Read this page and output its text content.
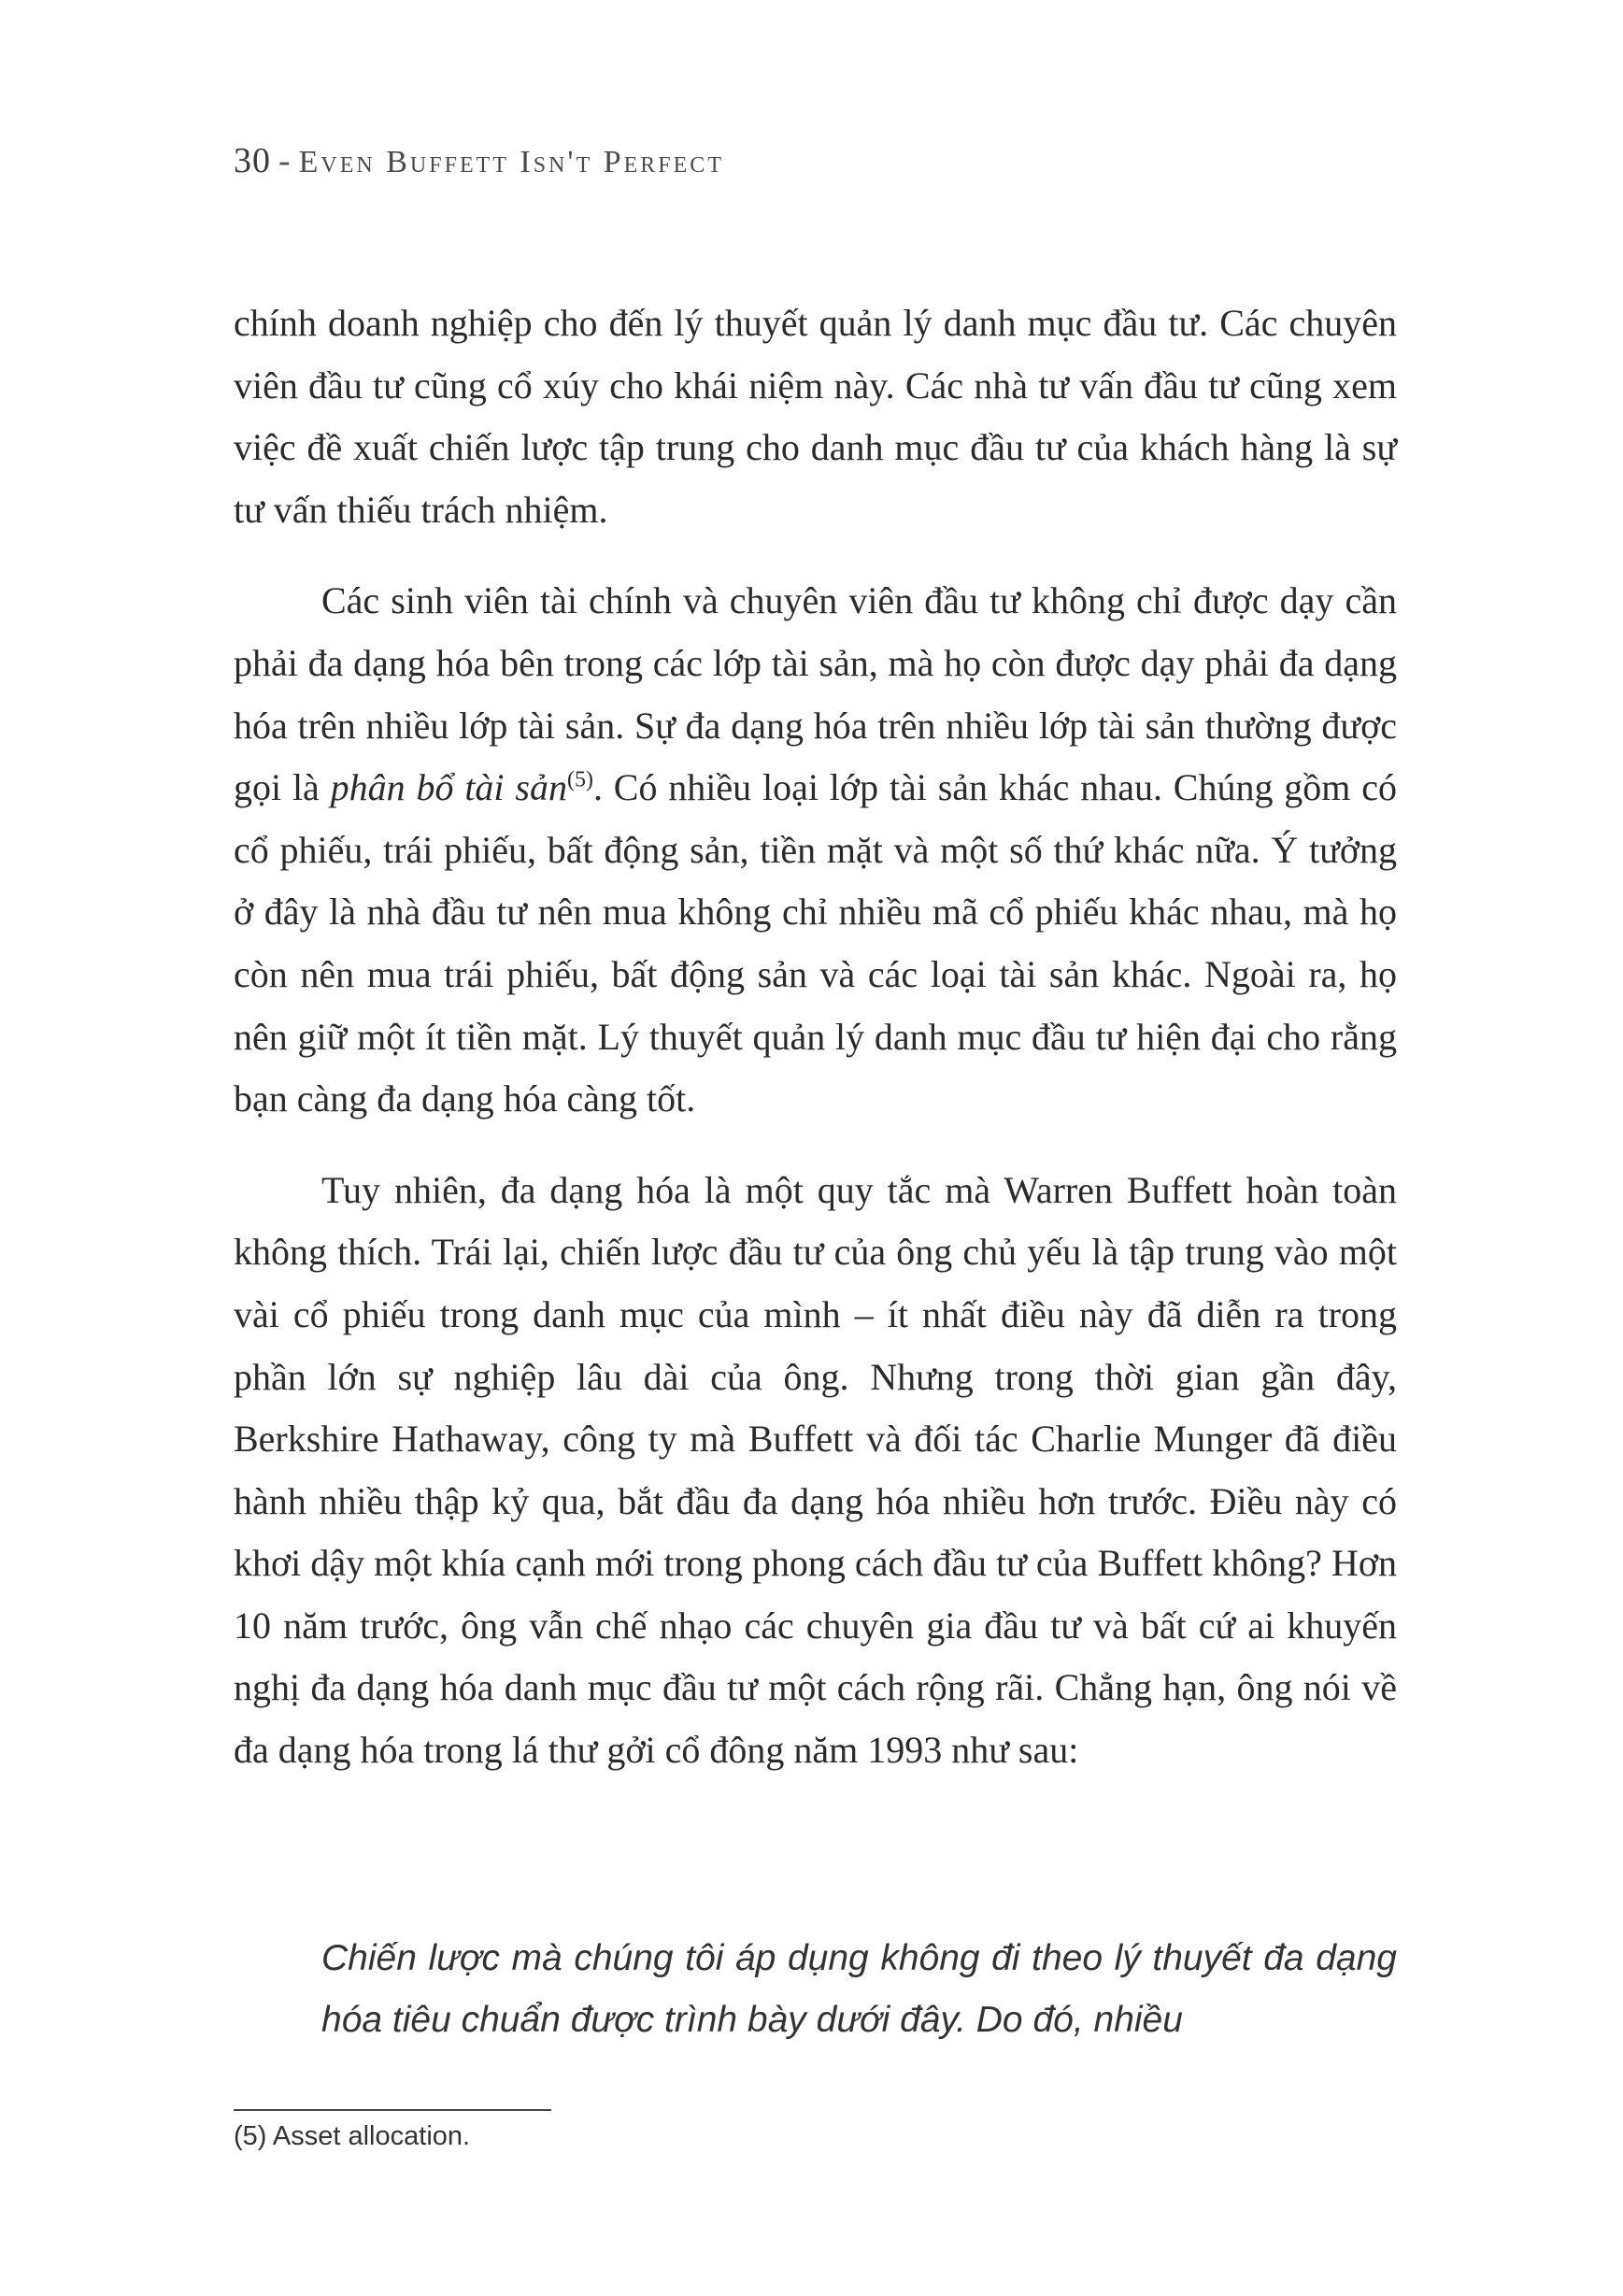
30 - Even Buffett Isn't Perfect

chính doanh nghiệp cho đến lý thuyết quản lý danh mục đầu tư. Các chuyên viên đầu tư cũng cổ xúy cho khái niệm này. Các nhà tư vấn đầu tư cũng xem việc đề xuất chiến lược tập trung cho danh mục đầu tư của khách hàng là sự tư vấn thiếu trách nhiệm.

Các sinh viên tài chính và chuyên viên đầu tư không chỉ được dạy cần phải đa dạng hóa bên trong các lớp tài sản, mà họ còn được dạy phải đa dạng hóa trên nhiều lớp tài sản. Sự đa dạng hóa trên nhiều lớp tài sản thường được gọi là phân bổ tài sản$^{(5)}$. Có nhiều loại lớp tài sản khác nhau. Chúng gồm có cổ phiếu, trái phiếu, bất động sản, tiền mặt và một số thứ khác nữa. Ý tưởng ở đây là nhà đầu tư nên mua không chỉ nhiều mã cổ phiếu khác nhau, mà họ còn nên mua trái phiếu, bất động sản và các loại tài sản khác. Ngoài ra, họ nên giữ một ít tiền mặt. Lý thuyết quản lý danh mục đầu tư hiện đại cho rằng bạn càng đa dạng hóa càng tốt.

Tuy nhiên, đa dạng hóa là một quy tắc mà Warren Buffett hoàn toàn không thích. Trái lại, chiến lược đầu tư của ông chủ yếu là tập trung vào một vài cổ phiếu trong danh mục của mình – ít nhất điều này đã diễn ra trong phần lớn sự nghiệp lâu dài của ông. Nhưng trong thời gian gần đây, Berkshire Hathaway, công ty mà Buffett và đối tác Charlie Munger đã điều hành nhiều thập kỷ qua, bắt đầu đa dạng hóa nhiều hơn trước. Điều này có khơi dậy một khía cạnh mới trong phong cách đầu tư của Buffett không? Hơn 10 năm trước, ông vẫn chế nhạo các chuyên gia đầu tư và bất cứ ai khuyến nghị đa dạng hóa danh mục đầu tư một cách rộng rãi. Chẳng hạn, ông nói về đa dạng hóa trong lá thư gởi cổ đông năm 1993 như sau:

Chiến lược mà chúng tôi áp dụng không đi theo lý thuyết đa dạng hóa tiêu chuẩn được trình bày dưới đây. Do đó, nhiều

(5) Asset allocation.
